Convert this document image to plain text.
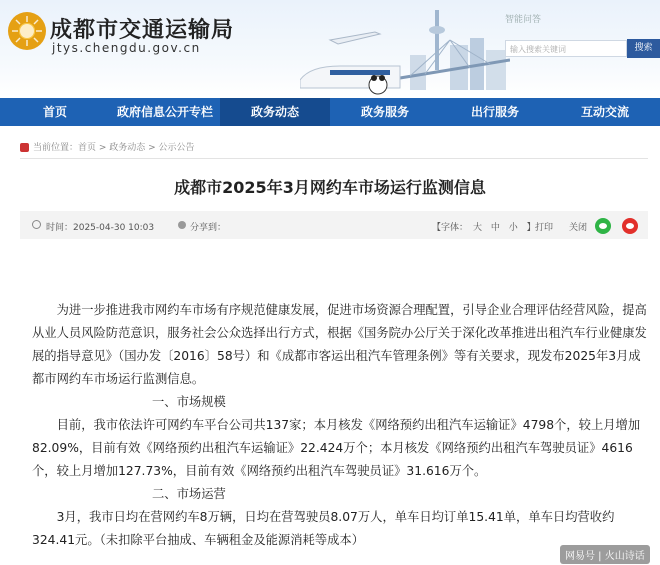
成都市交通运输局
jtys.chengdu.gov.cn
智能问答
输入搜索关键词	搜索
首页	政府信息公开专栏	政务动态	政务服务	出行服务	互动交流
当前位置：首页 > 政务动态 > 公示公告
成都市2025年3月网约车市场运行监测信息
时间：2025-04-30 10:03	分享到：	【字体： 大 中 小 】 打印 关闭

为进一步推进我市网约车市场有序规范健康发展，促进市场资源合理配置，引导企业合理评估经营风险，提高从业人员风险防范意识，服务社会公众选择出行方式，根据《国务院办公厅关于深化改革推进出租汽车行业健康发展的指导意见》（国办发〔2016〕58号）和《成都市客运出租汽车管理条例》等有关要求，现发布2025年3月成都市网约车市场运行监测信息。

一、市场规模

目前，我市依法许可网约车平台公司共137家；本月核发《网络预约出租汽车运输证》4798个，较上月增加82.09%，目前有效《网络预约出租汽车运输证》22.424万个；本月核发《网络预约出租汽车驾驶员证》4616个，较上月增加127.73%，目前有效《网络预约出租汽车驾驶员证》31.616万个。

二、市场运营

3月，我市日均在营网约车8万辆，日均在营驾驶员8.07万人，单车日均订单15.41单，单车日均营收约324.41元。（未扣除平台抽成、车辆租金及能源消耗等成本）

网易号 | 火山诗话
